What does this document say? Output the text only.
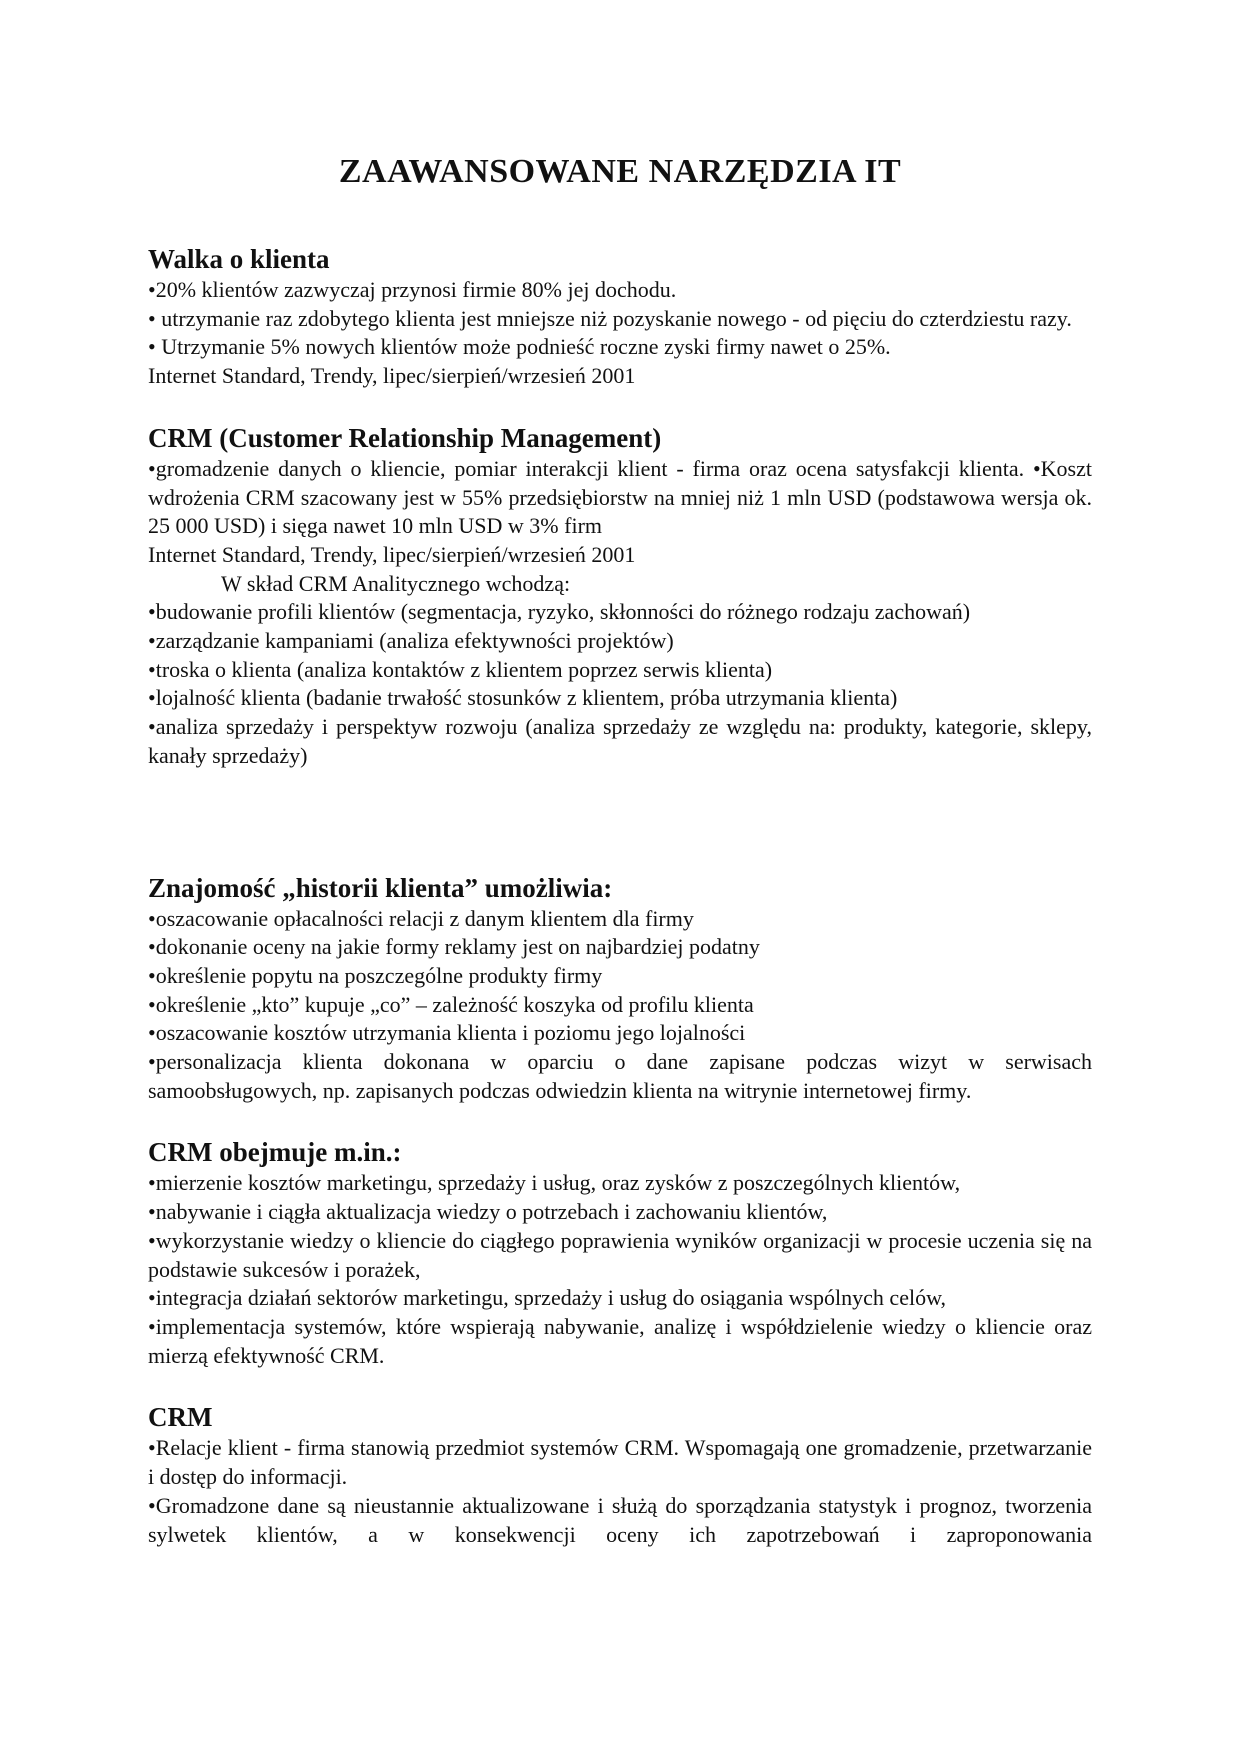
ZAAWANSOWANE NARZĘDZIA IT
Walka o klienta

•20% klientów zazwyczaj przynosi firmie 80% jej dochodu.

• utrzymanie raz zdobytego klienta jest mniejsze niż pozyskanie nowego - od pięciu do czterdziestu razy.

• Utrzymanie 5% nowych klientów może podnieść roczne zyski firmy nawet o 25%.

Internet Standard, Trendy, lipec/sierpień/wrzesień 2001

CRM (Customer Relationship Management)

•gromadzenie danych o kliencie, pomiar interakcji klient - firma oraz ocena satysfakcji klienta. •Koszt wdrożenia CRM szacowany jest w 55% przedsiębiorstw na mniej niż 1 mln USD (podstawowa wersja ok. 25 000 USD) i sięga nawet 10 mln USD w 3% firm

Internet Standard, Trendy, lipec/sierpień/wrzesień 2001

W skład CRM Analitycznego wchodzą:

•budowanie profili klientów (segmentacja, ryzyko, skłonności do różnego rodzaju zachowań)

•zarządzanie kampaniami (analiza efektywności projektów)

•troska o klienta (analiza kontaktów z klientem poprzez serwis klienta)

•lojalność klienta (badanie trwałość stosunków z klientem, próba utrzymania klienta)

•analiza sprzedaży i perspektyw rozwoju (analiza sprzedaży ze względu na: produkty, kategorie, sklepy, kanały sprzedaży)

Znajomość „historii klienta” umożliwia:

•oszacowanie opłacalności relacji z danym klientem dla firmy

•dokonanie oceny na jakie formy reklamy jest on najbardziej podatny

•określenie popytu na poszczególne produkty firmy

•określenie „kto” kupuje „co” – zależność koszyka od profilu klienta

•oszacowanie kosztów utrzymania klienta i poziomu jego lojalności

•personalizacja klienta dokonana w oparciu o dane zapisane podczas wizyt w serwisach samoobsługowych, np. zapisanych podczas odwiedzin klienta na witrynie internetowej firmy.

CRM obejmuje m.in.:

•mierzenie kosztów marketingu, sprzedaży i usług, oraz zysków z poszczególnych klientów,

•nabywanie i ciągła aktualizacja wiedzy o potrzebach i zachowaniu klientów,

•wykorzystanie wiedzy o kliencie do ciągłego poprawienia wyników organizacji w procesie uczenia się na podstawie sukcesów i porażek,

•integracja działań sektorów marketingu, sprzedaży i usług do osiągania wspólnych celów,

•implementacja systemów, które wspierają nabywanie, analizę i współdzielenie wiedzy o kliencie oraz mierzą efektywność CRM.

CRM

•Relacje klient - firma stanowią przedmiot systemów CRM. Wspomagają one gromadzenie, przetwarzanie i dostęp do informacji.

•Gromadzone dane są nieustannie aktualizowane i służą do sporządzania statystyk i prognoz, tworzenia sylwetek klientów, a w konsekwencji oceny ich zapotrzebowań i zaproponowania
